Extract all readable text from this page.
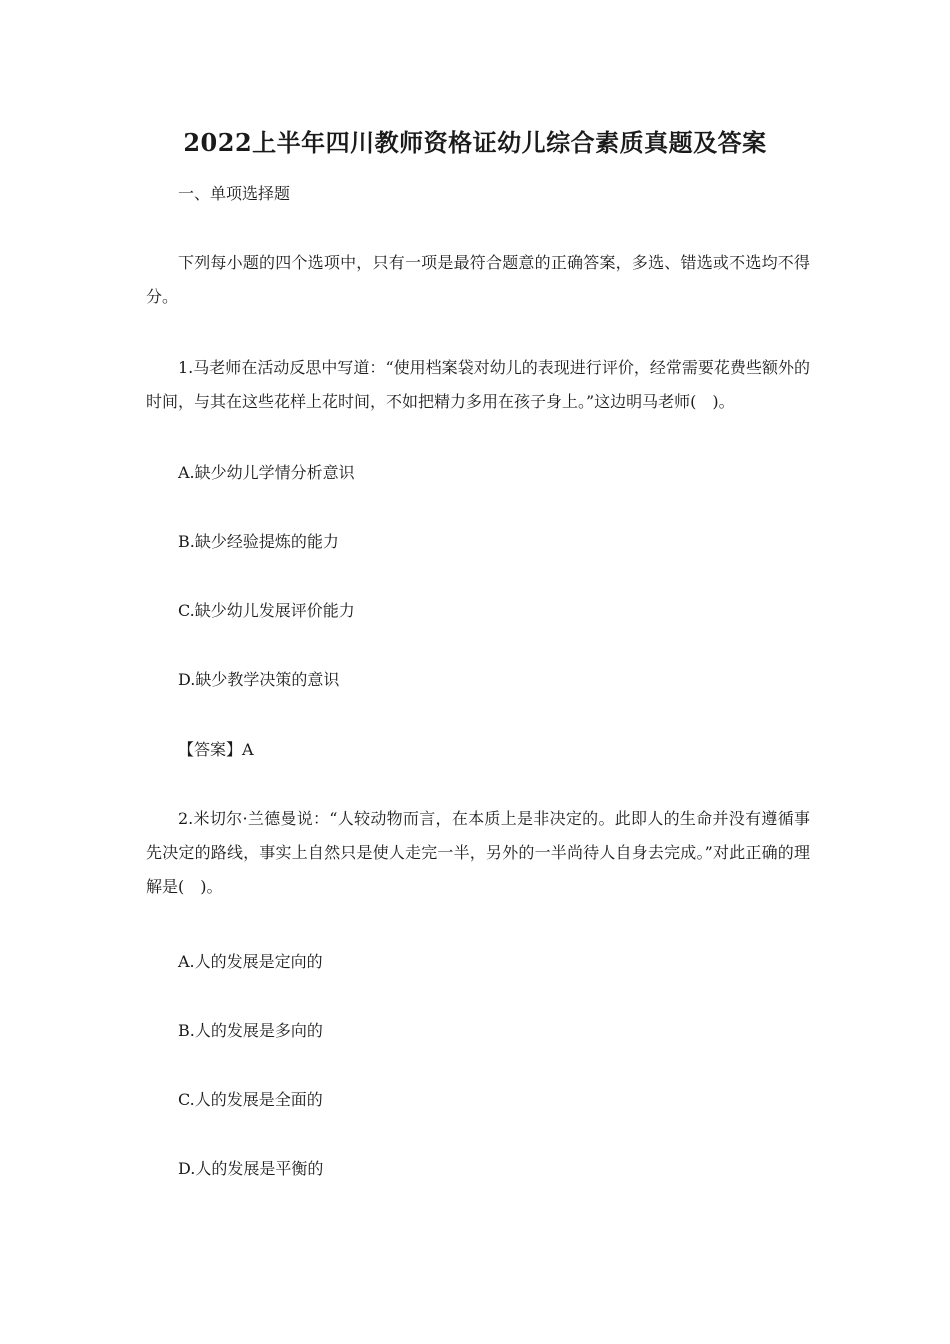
2022上半年四川教师资格证幼儿综合素质真题及答案
一、单项选择题
下列每小题的四个选项中，只有一项是最符合题意的正确答案，多选、错选或不选均不得分。
1.马老师在活动反思中写道：“使用档案袋对幼儿的表现进行评价，经常需要花费些额外的时间，与其在这些花样上花时间，不如把精力多用在孩子身上。”这边明马老师(　)。
A.缺少幼儿学情分析意识
B.缺少经验提炼的能力
C.缺少幼儿发展评价能力
D.缺少教学决策的意识
【答案】A
2.米切尔·兰德曼说：“人较动物而言，在本质上是非决定的。此即人的生命并没有遵循事先决定的路线，事实上自然只是使人走完一半，另外的一半尚待人自身去完成。”对此正确的理解是(　)。
A.人的发展是定向的
B.人的发展是多向的
C.人的发展是全面的
D.人的发展是平衡的
